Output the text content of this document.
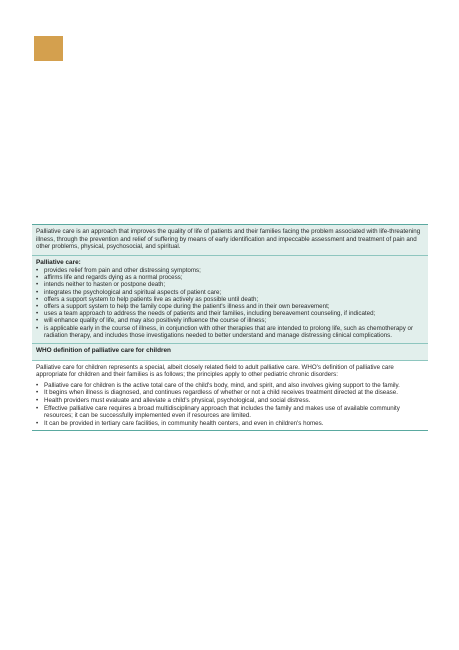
Palliative care is an approach that improves the quality of life of patients and their families facing the problem associated with life-threatening illness, through the prevention and relief of suffering by means of early identification and impeccable assessment and treatment of pain and other problems, physical, psychosocial, and spiritual.

Palliative care:
• provides relief from pain and other distressing symptoms;
• affirms life and regards dying as a normal process;
• intends neither to hasten or postpone death;
• integrates the psychological and spiritual aspects of patient care;
• offers a support system to help patients live as actively as possible until death;
• offers a support system to help the family cope during the patient's illness and in their own bereavement;
• uses a team approach to address the needs of patients and their families, including bereavement counseling, if indicated;
• will enhance quality of life, and may also positively influence the course of illness;
• is applicable early in the course of illness, in conjunction with other therapies that are intended to prolong life, such as chemotherapy or radiation therapy, and includes those investigations needed to better understand and manage distressing clinical complications.
WHO definition of palliative care for children

Palliative care for children represents a special, albeit closely related field to adult palliative care. WHO's definition of palliative care appropriate for children and their families is as follows; the principles apply to other pediatric chronic disorders:

• Palliative care for children is the active total care of the child's body, mind, and spirit, and also involves giving support to the family.
• It begins when illness is diagnosed, and continues regardless of whether or not a child receives treatment directed at the disease.
• Health providers must evaluate and alleviate a child's physical, psychological, and social distress.
• Effective palliative care requires a broad multidisciplinary approach that includes the family and makes use of available community resources; it can be successfully implemented even if resources are limited.
• It can be provided in tertiary care facilities, in community health centers, and even in children's homes.
